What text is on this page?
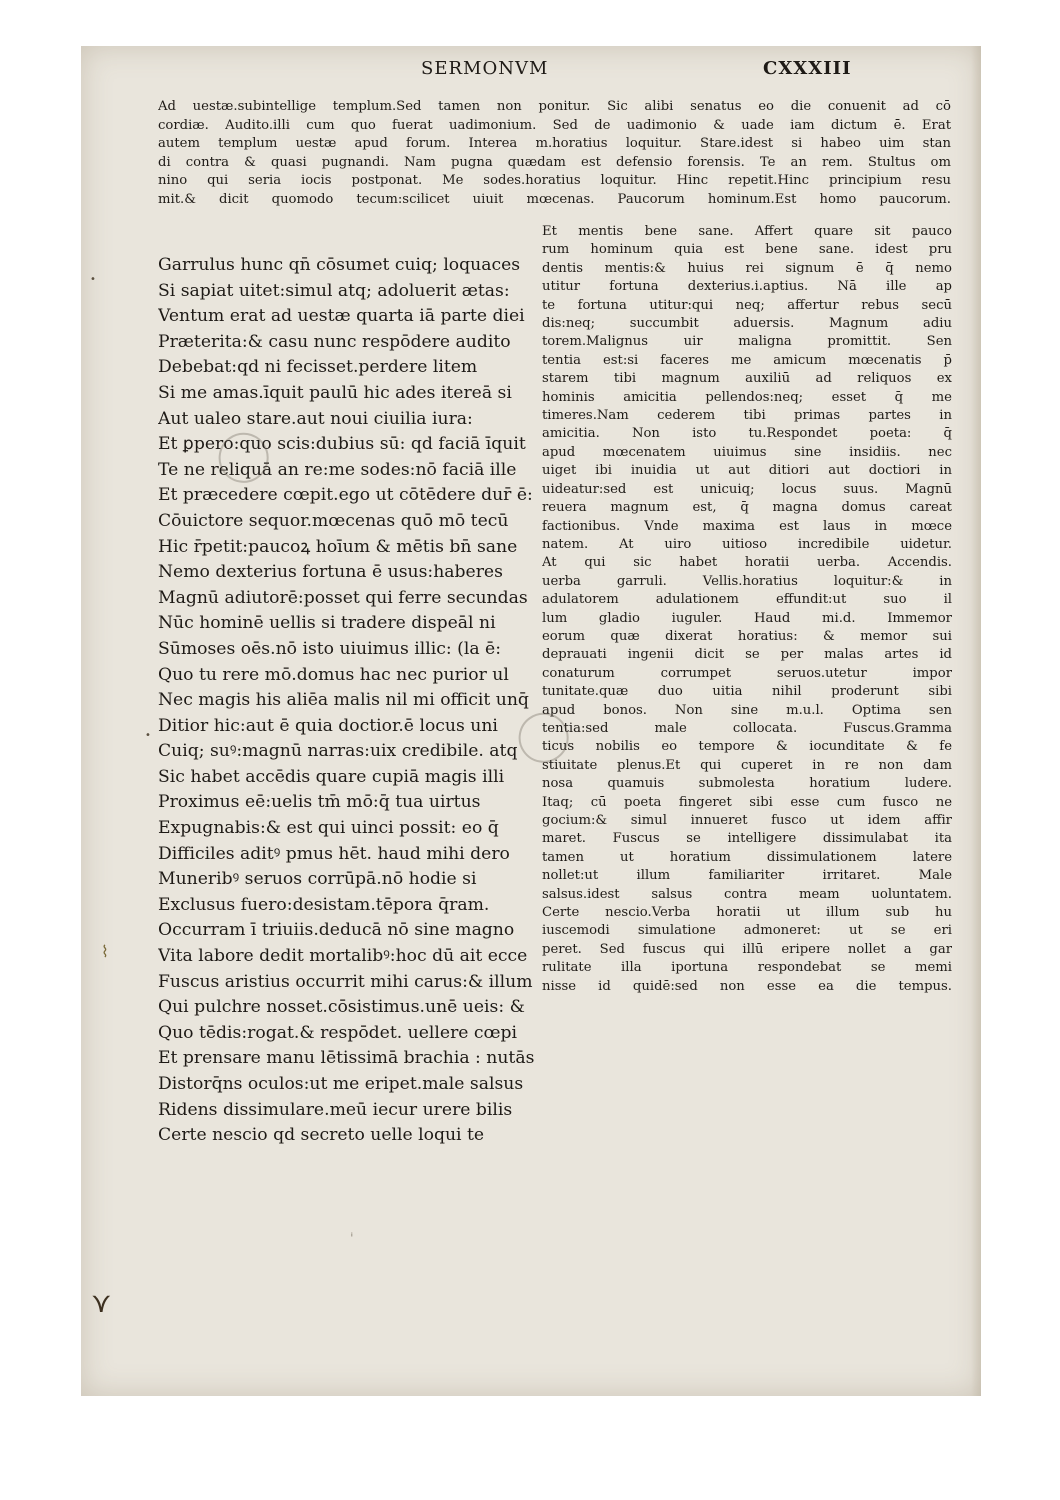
SERMONVM	CXXXIII
Ad uestæ.subintellige templum.Sed tamen non ponitur. Sic alibi senatus eo die conuenit ad cō
cordiæ. Audito.illi cum quo fuerat uadimonium. Sed de uadimonio & uade iam dictum ē. Erat
autem templum uestæ apud forum. Interea m.horatius loquitur. Stare.idest si habeo uim stan
di contra & quasi pugnandi. Nam pugna quædam est defensio forensis. Te an rem. Stultus om
nino qui seria iocis postponat. Me sodes.horatius loquitur. Hinc repetit.Hinc principium resu
mit.& dicit quomodo tecum:scilicet uiuit mœcenas. Paucorum hominum.Est homo paucorum.
Garrulus hunc qn̄ cōsumet cuiq; loquaces
Si sapiat uitet:simul atq; adoluerit ætas:
Ventum erat ad uestæ quarta iā parte diei
Præterita:& casu nunc respōdere audito
Debebat:qd ni fecisset.perdere litem
Si me amas.īquit paulū hic ades itereā si
Aut ualeo stare.aut noui ciuilia iura:
Et ꝑpero:quo scis:dubius sū: qd faciā īquit
Te ne reliquā an re:me sodes:nō faciā ille
Et præcedere cœpit.ego ut cōtēdere dur̄ ē:
Cōuictore sequor.mœcenas quō mō tecū
Hic r̄petit:paucoꝝ hoīum & mētis bn̄ sane
Nemo dexterius fortuna ē usus:haberes
Magnū adiutorē:posset qui ferre secundas
Nūc hominē uellis si tradere dispeāl ni
Sūmoses oēs.nō isto uiuimus illic: (la ē:
Quo tu rere mō.domus hac nec purior ul
Nec magis his aliēa malis nil mi officit unq̄
Ditior hic:aut ē quia doctior.ē locus uni
Cuiq; suꝰ:magnū narras:uix credibile. atq
Sic habet accēdis quare cupiā magis illi
Proximus eē:uelis tm̄ mō:q̄ tua uirtus
Expugnabis:& est qui uinci possit: eo q̄
Difficiles aditꝰ pmus hēt. haud mihi dero
Muneribꝰ seruos corrūpā.nō hodie si
Exclusus fuero:desistam.tēpora q̄ram.
Occurram ī triuiis.deducā nō sine magno
Vita labore dedit mortalibꝰ:hoc dū ait ecce
Fuscus aristius occurrit mihi carus:& illum
Qui pulchre nosset.cōsistimus.unē ueis: &
Quo tēdis:rogat.& respōdet. uellere cœpi
Et prensare manu lētissimā brachia : nutās
Distorq̄ns oculos:ut me eripet.male salsus
Ridens dissimulare.meū iecur urere bilis
Certe nescio qd secreto uelle loqui te
Et mentis bene sane. Affert quare sit pauco
rum hominum quia est bene sane. idest pru
dentis mentis:& huius rei signum ē q̄ nemo
utitur fortuna dexterius.i.aptius. Nā ille ap
te fortuna utitur:qui neq; affertur rebus secū
dis:neq; succumbit aduersis. Magnum adiu
torem.Malignus uir maligna promittit. Sen
tentia est:si faceres me amicum mœcenatis p̄
starem tibi magnum auxiliū ad reliquos ex
hominis amicitia pellendos:neq; esset q̄ me
timeres.Nam cederem tibi primas partes in
amicitia. Non isto tu.Respondet poeta: q̄
apud mœcenatem uiuimus sine insidiis. nec
uiget ibi inuidia ut aut ditiori aut doctiori in
uideatur:sed est unicuiq; locus suus. Magnū
reuera magnum est, q̄ magna domus careat
factionibus. Vnde maxima est laus in mœce
natem. At uiro uitioso incredibile uidetur.
At qui sic habet horatii uerba. Accendis.
uerba garruli. Vellis.horatius loquitur:& in
adulatorem adulationem effundit:ut suo il
lum gladio iuguler. Haud mi.d. Immemor
eorum quæ dixerat horatius: & memor sui
deprauati ingenii dicit se per malas artes id
conaturum corrumpet seruos.utetur impor
tunitate.quæ duo uitia nihil proderunt sibi
apud bonos. Non sine m.u.l. Optima sen
tentia:sed male collocata. Fuscus.Gramma
ticus nobilis eo tempore & iocunditate & fe
stiuitate plenus.Et qui cuperet in re non dam
nosa quamuis submolesta horatium ludere.
Itaq; cū poeta fingeret sibi esse cum fusco ne
gocium:& simul innueret fusco ut idem affir
maret. Fuscus se intelligere dissimulabat ita
tamen ut horatium dissimulationem latere
nollet:ut illum familiariter irritaret. Male
salsus.idest salsus contra meam uoluntatem.
Certe nescio.Verba horatii ut illum sub hu
iuscemodi simulatione admoneret: ut se eri
peret. Sed fuscus qui illū eripere nollet a gar
rulitate illa iportuna respondebat se memi
nisse id quidē:sed non esse ea die tempus.
•
•
⌇
⋎
ⁱ
